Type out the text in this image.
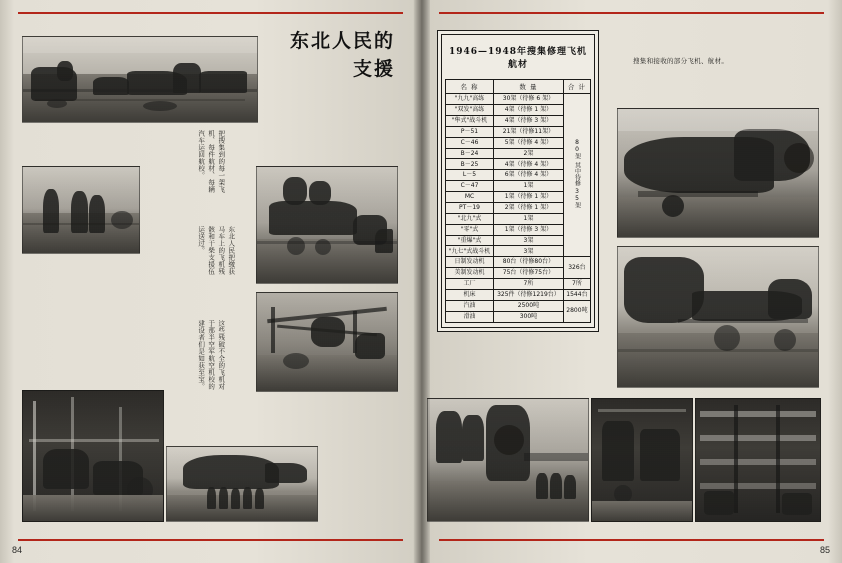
东北人民的
支援
把搜集到的每一架飞机、每件航材、每辆汽车运回航校。
东北人民把缴获马车上的飞机残骸和干柴支援伍运送过。
这些残破不全的飞机对于那半空军航空机校的建设者们是如获至宝。
84
1946—1948年搜集修理飞机航材
名 称	数 量	合 计
"九九"高练	30架（待修 6 架）	80架
其中待修
35架
"双发"高练	4架（待修 1 架）	
"隼式"战斗机	4架（待修 3 架）	
P－51	21架（待修11架）	
C－46	5架（待修 4 架）	
B－24	2架	
B－25	4架（待修 4 架）	
L－5	6架（待修 4 架）	
C－47	1架	
MC	1架（待修 1 架）	
PT－19	2架（待修 1 架）	
"北九"式	1架	
"零"式	1架（待修 3 架）	
"重爆"式	3架	
"九七"式战斗机	3架	
日制发动机	80台（待修80台）	326台
美制发动机	75台（待修75台）	
工厂	7所	7所
机床	325件（待修1219台）	1544台
汽油	2500吨	2800吨
滑油	300吨	
搜集和接收的部分飞机、航材。
85
